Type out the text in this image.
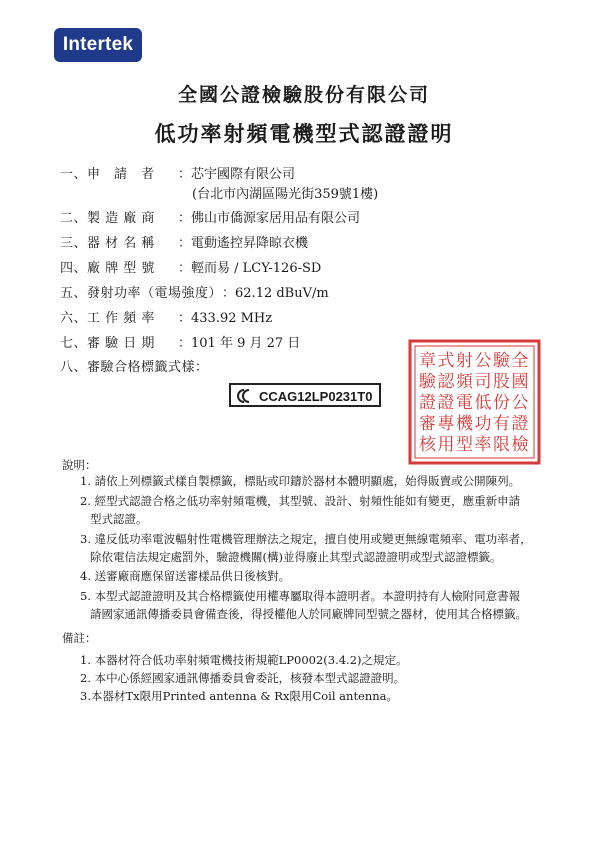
Intertek
全國公證檢驗股份有限公司
低功率射頻電機型式認證證明
一、申　請　者 ：芯宇國際有限公司
(台北市內湖區陽光街359號1樓)
二、製 造 廠 商 ：佛山市僑源家居用品有限公司
三、器 材 名 稱 ：電動遙控昇降晾衣機
四、廠 牌 型 號 ：輕而易 / LCY-126-SD
五、發射功率（電場強度）：62.12 dBuV/m
六、工 作 頻 率 ：433.92 MHz
七、審 驗 日 期 ：101 年 9 月 27 日
八、審驗合格標籤式樣：
CCAG12LP0231T0
全
國
公
證
檢
驗
股
份
有
限
公
司
低
功
率
射
頻
電
機
型
式
認
證
專
用
章
驗
證
審
核
說明：
1. 請依上列標籤式樣自製標籤，標貼或印鑄於器材本體明顯處，始得販賣或公開陳列。
2. 經型式認證合格之低功率射頻電機，其型號、設計、射頻性能如有變更，應重新申請
型式認證。
3. 違反低功率電波輻射性電機管理辦法之規定，擅自使用或變更無線電頻率、電功率者，
除依電信法規定處罰外，驗證機關(構)並得廢止其型式認證證明或型式認證標籤。
4. 送審廠商應保留送審樣品供日後核對。
5. 本型式認證證明及其合格標籤使用權專屬取得本證明者。本證明持有人檢附同意書報
請國家通訊傳播委員會備查後，得授權他人於同廠牌同型號之器材，使用其合格標籤。
備註：
1. 本器材符合低功率射頻電機技術規範LP0002(3.4.2)之規定。
2. 本中心係經國家通訊傳播委員會委託，核發本型式認證證明。
3.本器材Tx限用Printed antenna & Rx限用Coil antenna。
